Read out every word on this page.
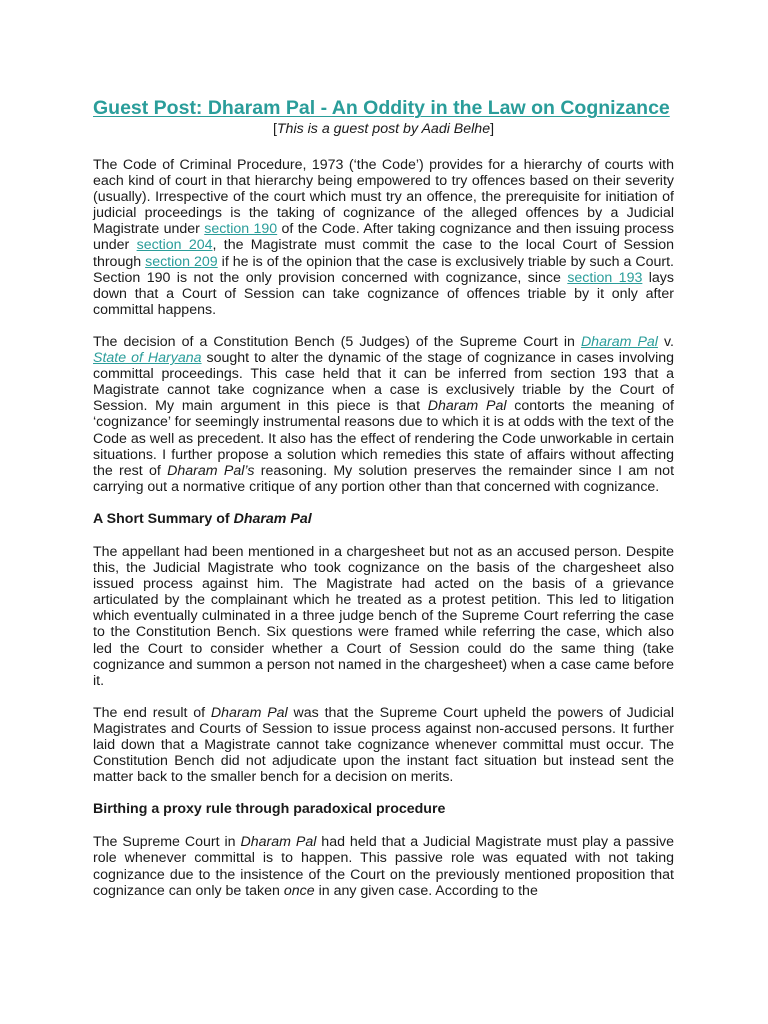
Guest Post: Dharam Pal - An Oddity in the Law on Cognizance
[This is a guest post by Aadi Belhe]

The Code of Criminal Procedure, 1973 (‘the Code’) provides for a hierarchy of courts with each kind of court in that hierarchy being empowered to try offences based on their severity (usually). Irrespective of the court which must try an offence, the prerequisite for initiation of judicial proceedings is the taking of cognizance of the alleged offences by a Judicial Magistrate under section 190 of the Code. After taking cognizance and then issuing process under section 204, the Magistrate must commit the case to the local Court of Session through section 209 if he is of the opinion that the case is exclusively triable by such a Court. Section 190 is not the only provision concerned with cognizance, since section 193 lays down that a Court of Session can take cognizance of offences triable by it only after committal happens.

The decision of a Constitution Bench (5 Judges) of the Supreme Court in Dharam Pal v. State of Haryana sought to alter the dynamic of the stage of cognizance in cases involving committal proceedings. This case held that it can be inferred from section 193 that a Magistrate cannot take cognizance when a case is exclusively triable by the Court of Session. My main argument in this piece is that Dharam Pal contorts the meaning of ‘cognizance’ for seemingly instrumental reasons due to which it is at odds with the text of the Code as well as precedent. It also has the effect of rendering the Code unworkable in certain situations. I further propose a solution which remedies this state of affairs without affecting the rest of Dharam Pal’s reasoning. My solution preserves the remainder since I am not carrying out a normative critique of any portion other than that concerned with cognizance.

A Short Summary of Dharam Pal

The appellant had been mentioned in a chargesheet but not as an accused person. Despite this, the Judicial Magistrate who took cognizance on the basis of the chargesheet also issued process against him. The Magistrate had acted on the basis of a grievance articulated by the complainant which he treated as a protest petition. This led to litigation which eventually culminated in a three judge bench of the Supreme Court referring the case to the Constitution Bench. Six questions were framed while referring the case, which also led the Court to consider whether a Court of Session could do the same thing (take cognizance and summon a person not named in the chargesheet) when a case came before it.

The end result of Dharam Pal was that the Supreme Court upheld the powers of Judicial Magistrates and Courts of Session to issue process against non-accused persons. It further laid down that a Magistrate cannot take cognizance whenever committal must occur. The Constitution Bench did not adjudicate upon the instant fact situation but instead sent the matter back to the smaller bench for a decision on merits.

Birthing a proxy rule through paradoxical procedure

The Supreme Court in Dharam Pal had held that a Judicial Magistrate must play a passive role whenever committal is to happen. This passive role was equated with not taking cognizance due to the insistence of the Court on the previously mentioned proposition that cognizance can only be taken once in any given case. According to the
